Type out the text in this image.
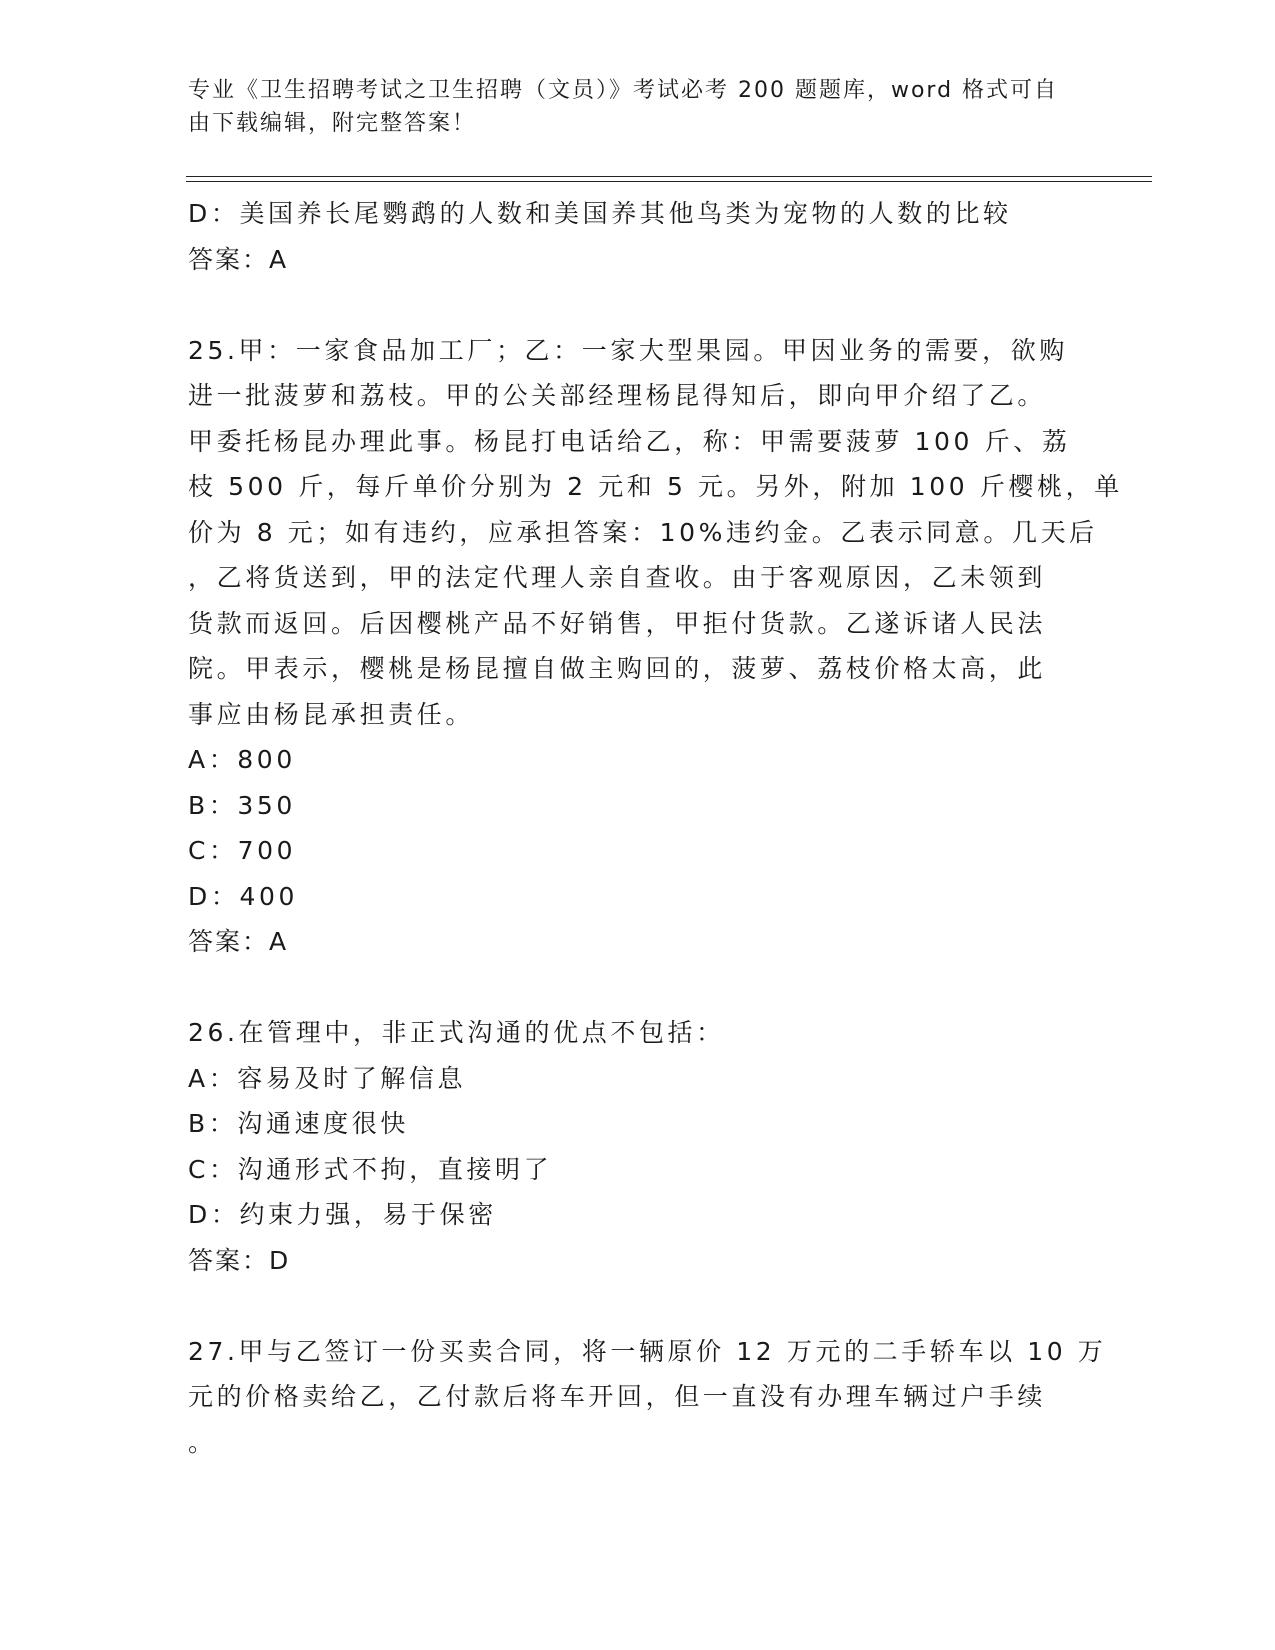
专业《卫生招聘考试之卫生招聘（文员）》考试必考 200 题题库，word 格式可自由下载编辑，附完整答案！
D：美国养长尾鹦鹉的人数和美国养其他鸟类为宠物的人数的比较
答案：A
25.甲：一家食品加工厂；乙：一家大型果园。甲因业务的需要，欲购
进一批菠萝和荔枝。甲的公关部经理杨昆得知后，即向甲介绍了乙。
甲委托杨昆办理此事。杨昆打电话给乙，称：甲需要菠萝 100 斤、荔
枝 500 斤，每斤单价分别为 2 元和 5 元。另外，附加 100 斤樱桃，单
价为 8 元；如有违约，应承担答案：10%违约金。乙表示同意。几天后
，乙将货送到，甲的法定代理人亲自查收。由于客观原因，乙未领到
货款而返回。后因樱桃产品不好销售，甲拒付货款。乙遂诉诸人民法
院。甲表示，樱桃是杨昆擅自做主购回的，菠萝、荔枝价格太高，此
事应由杨昆承担责任。
A：800
B：350
C：700
D：400
答案：A
26.在管理中，非正式沟通的优点不包括：
A：容易及时了解信息
B：沟通速度很快
C：沟通形式不拘，直接明了
D：约束力强，易于保密
答案：D
27.甲与乙签订一份买卖合同，将一辆原价 12 万元的二手轿车以 10 万
元的价格卖给乙，乙付款后将车开回，但一直没有办理车辆过户手续
。
